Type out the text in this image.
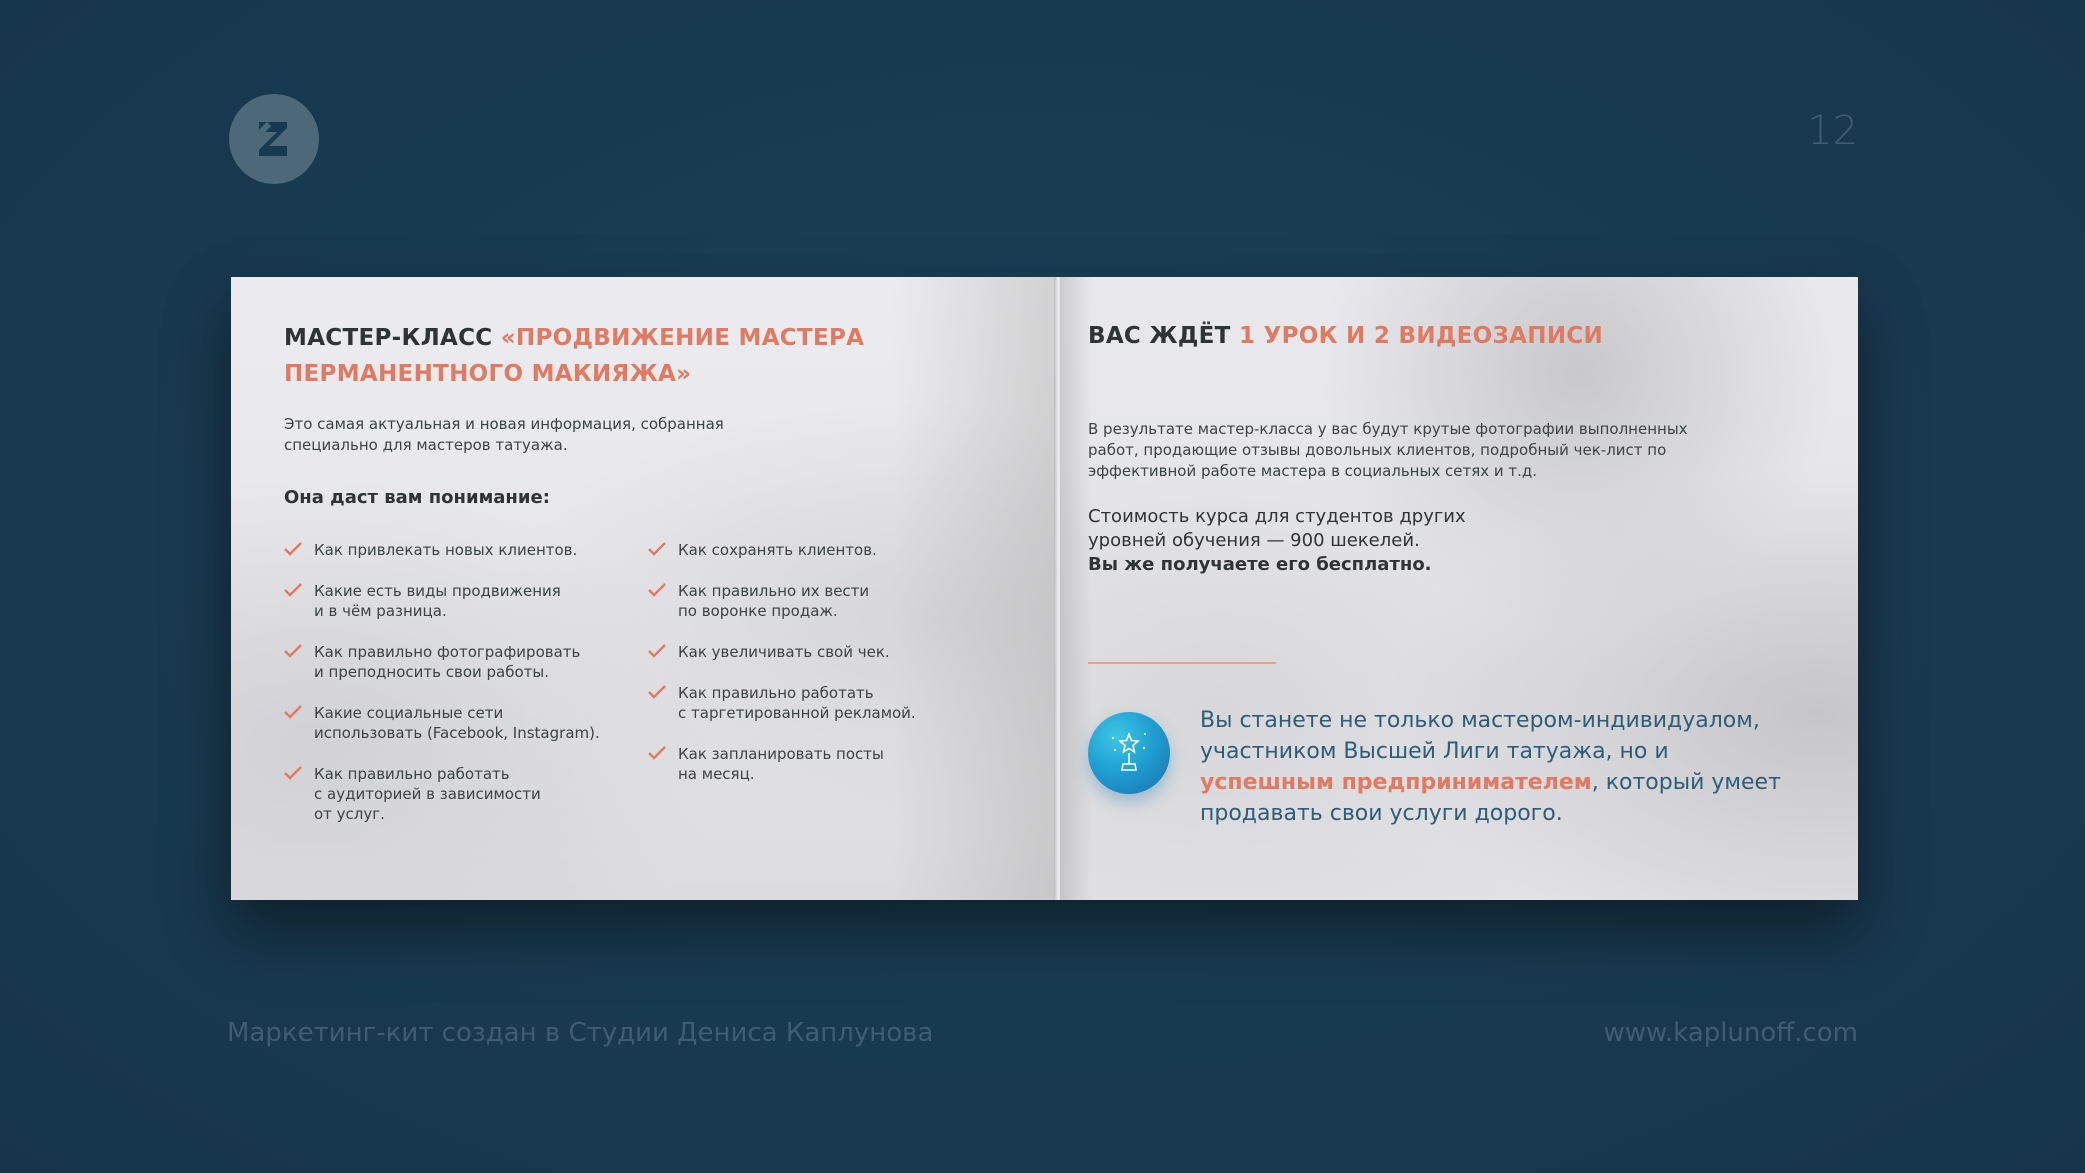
12
МАСТЕР-КЛАСС «ПРОДВИЖЕНИЕ МАСТЕРА ПЕРМАНЕНТНОГО МАКИЯЖА»
Это самая актуальная и новая информация, собранная специально для мастеров татуажа.
Она даст вам понимание:
Как привлекать новых клиентов.
Какие есть виды продвижения
и в чём разница.
Как правильно фотографировать
и преподносить свои работы.
Какие социальные сети
использовать (Facebook, Instagram).
Как правильно работать
с аудиторией в зависимости
от услуг.
Как сохранять клиентов.
Как правильно их вести
по воронке продаж.
Как увеличивать свой чек.
Как правильно работать
с таргетированной рекламой.
Как запланировать посты
на месяц.
ВАС ЖДЁТ 1 УРОК И 2 ВИДЕОЗАПИСИ
В результате мастер-класса у вас будут крутые фотографии выполненных работ, продающие отзывы довольных клиентов, подробный чек-лист по эффективной работе мастера в социальных сетях и т.д.
Стоимость курса для студентов других уровней обучения — 900 шекелей.
Вы же получаете его бесплатно.
Вы станете не только мастером-индивидуалом, участником Высшей Лиги татуажа, но и успешным предпринимателем, который умеет продавать свои услуги дорого.
Маркетинг-кит создан в Студии Дениса Каплунова	www.kaplunoff.com
